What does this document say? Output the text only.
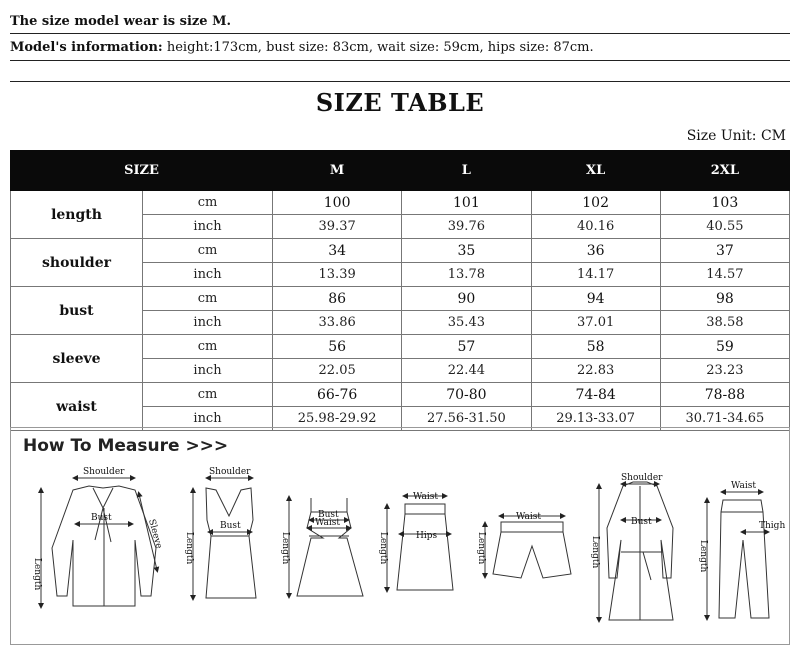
The size model wear is size M.
Model's information: height:173cm, bust size: 83cm, wait size: 59cm, hips size: 87cm.
SIZE TABLE
Size Unit: CM
SIZE		M	L	XL	2XL
length	cm	100	101	102	103
	inch	39.37	39.76	40.16	40.55
shoulder	cm	34	35	36	37
	inch	13.39	13.78	14.17	14.57
bust	cm	86	90	94	98
	inch	33.86	35.43	37.01	38.58
sleeve	cm	56	57	58	59
	inch	22.05	22.44	22.83	23.23
waist	cm	66-76	70-80	74-84	78-88
	inch	25.98-29.92	27.56-31.50	29.13-33.07	30.71-34.65
How To Measure >>>
Shoulder
Bust
Length
Sleeve
Shoulder
Bust
Length
Bust
Waist
Length
Waist
Hips
Length
Waist
Length
Shoulder
Bust
Length
Waist
Thigh
Length
